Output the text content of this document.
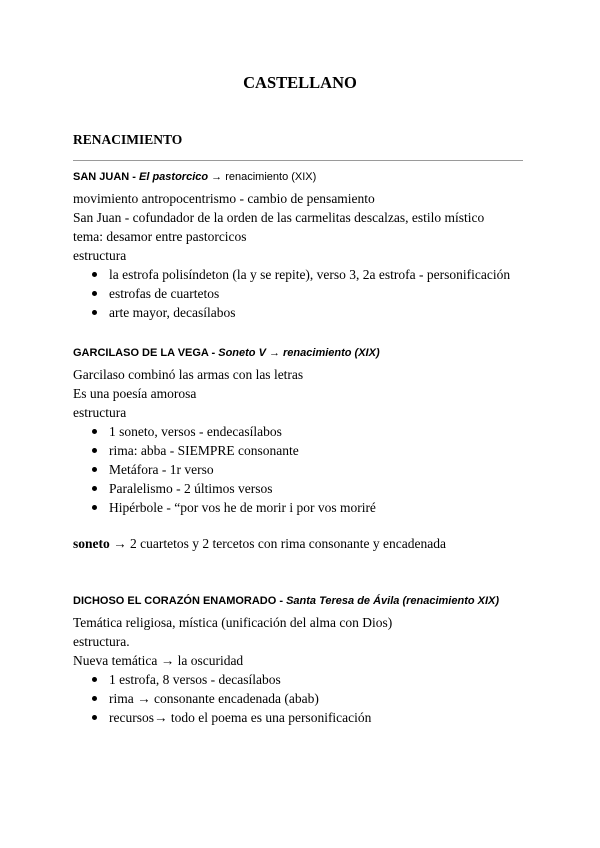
CASTELLANO
RENACIMIENTO
SAN JUAN - El pastorcico → renacimiento (XIX)
movimiento antropocentrismo - cambio de pensamiento
San Juan - cofundador de la orden de las carmelitas descalzas, estilo místico
tema: desamor entre pastorcicos
estructura
la estrofa polisíndeton (la y se repite), verso 3, 2a estrofa - personificación
estrofas de cuartetos
arte mayor, decasílabos
GARCILASO DE LA VEGA - Soneto V → renacimiento (XIX)
Garcilaso combinó las armas con las letras
Es una poesía amorosa
estructura
1 soneto, versos - endecasílabos
rima: abba - SIEMPRE consonante
Metáfora - 1r verso
Paralelismo - 2 últimos versos
Hipérbole - “por vos he de morir i por vos moriré
soneto → 2 cuartetos y 2 tercetos con rima consonante y encadenada
DICHOSO EL CORAZÓN ENAMORADO - Santa Teresa de Ávila (renacimiento XIX)
Temática religiosa, mística (unificación del alma con Dios)
estructura.
Nueva temática → la oscuridad
1 estrofa, 8 versos - decasílabos
rima → consonante encadenada (abab)
recursos→ todo el poema es una personificación
